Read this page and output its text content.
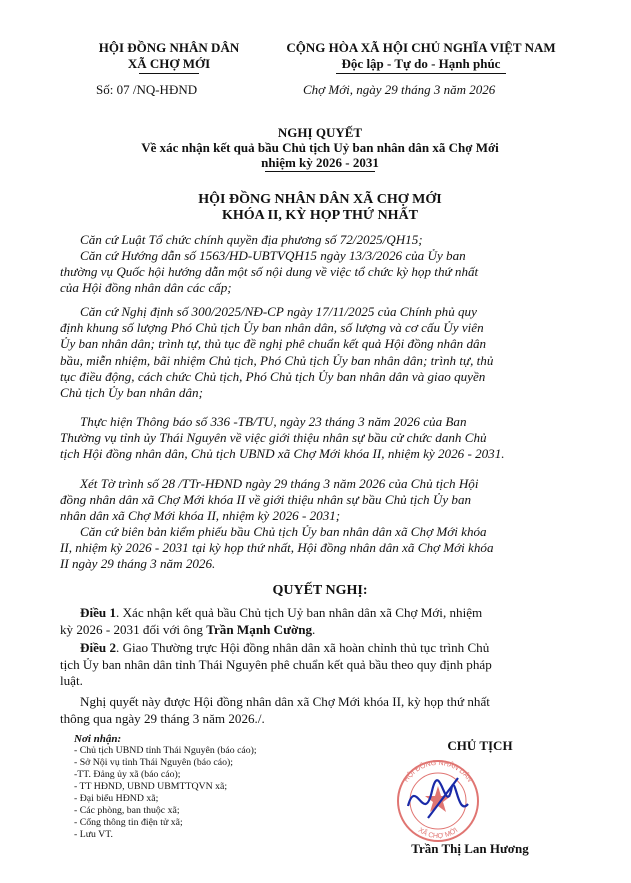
HỘI ĐỒNG NHÂN DÂN
XÃ CHỢ MỚI
CỘNG HÒA XÃ HỘI CHỦ NGHĨA VIỆT NAM
Độc lập - Tự do - Hạnh phúc
Số: 07 /NQ-HĐND	Chợ Mới, ngày 29 tháng 3 năm 2026
NGHỊ QUYẾT
Về xác nhận kết quả bầu Chủ tịch Uỷ ban nhân dân xã Chợ Mới
nhiệm kỳ 2026 - 2031
HỘI ĐỒNG NHÂN DÂN XÃ CHỢ MỚI
KHÓA II, KỲ HỌP THỨ NHẤT
Căn cứ Luật Tổ chức chính quyền địa phương số 72/2025/QH15;
Căn cứ Hướng dẫn số 1563/HD-UBTVQH15 ngày 13/3/2026 của Ủy ban
thường vụ Quốc hội hướng dẫn một số nội dung về việc tổ chức kỳ họp thứ nhất
của Hội đồng nhân dân các cấp;
Căn cứ Nghị định số 300/2025/NĐ-CP ngày 17/11/2025 của Chính phủ quy
định khung số lượng Phó Chủ tịch Ủy ban nhân dân, số lượng và cơ cấu Ủy viên
Ủy ban nhân dân; trình tự, thủ tục đề nghị phê chuẩn kết quả Hội đồng nhân dân
bầu, miễn nhiệm, bãi nhiệm Chủ tịch, Phó Chủ tịch Ủy ban nhân dân; trình tự, thủ
tục điều động, cách chức Chủ tịch, Phó Chủ tịch Ủy ban nhân dân và giao quyền
Chủ tịch Ủy ban nhân dân;
Thực hiện Thông báo số 336 -TB/TU, ngày 23 tháng 3 năm 2026 của Ban
Thường vụ tỉnh ủy Thái Nguyên về việc giới thiệu nhân sự bầu cử chức danh Chủ
tịch Hội đồng nhân dân, Chủ tịch UBND xã Chợ Mới khóa II, nhiệm kỳ 2026 - 2031.
Xét Tờ trình số 28 /TTr-HĐND ngày 29 tháng 3 năm 2026 của Chủ tịch Hội
đồng nhân dân xã Chợ Mới khóa II về giới thiệu nhân sự bầu Chủ tịch Ủy ban
nhân dân xã Chợ Mới khóa II, nhiệm kỳ 2026 - 2031;
Căn cứ biên bản kiểm phiếu bầu Chủ tịch Ủy ban nhân dân xã Chợ Mới khóa
II, nhiệm kỳ 2026 - 2031 tại kỳ họp thứ nhất, Hội đồng nhân dân xã Chợ Mới khóa
II ngày 29 tháng 3 năm 2026.
QUYẾT NGHỊ:
Điều 1. Xác nhận kết quả bầu Chủ tịch Uỷ ban nhân dân xã Chợ Mới, nhiệm
kỳ 2026 - 2031 đối với ông Trần Mạnh Cường.
Điều 2. Giao Thường trực Hội đồng nhân dân xã hoàn chỉnh thủ tục trình Chủ
tịch Ủy ban nhân dân tỉnh Thái Nguyên phê chuẩn kết quả bầu theo quy định pháp
luật.
Nghị quyết này được Hội đồng nhân dân xã Chợ Mới khóa II, kỳ họp thứ nhất
thông qua ngày 29 tháng 3 năm 2026./.
Nơi nhận:
- Chủ tịch UBND tỉnh Thái Nguyên (báo cáo);
- Sở Nội vụ tỉnh Thái Nguyên (báo cáo);
-TT. Đảng ủy xã (báo cáo);
- TT HĐND, UBND UBMTTQVN xã;
- Đại biểu HĐND xã;
- Các phòng, ban thuộc xã;
- Cổng thông tin điện tử xã;
- Lưu VT.
CHỦ TỊCH
HỘI ĐỒNG NHÂN DÂN
XÃ CHỢ MỚI
Trần Thị Lan Hương
